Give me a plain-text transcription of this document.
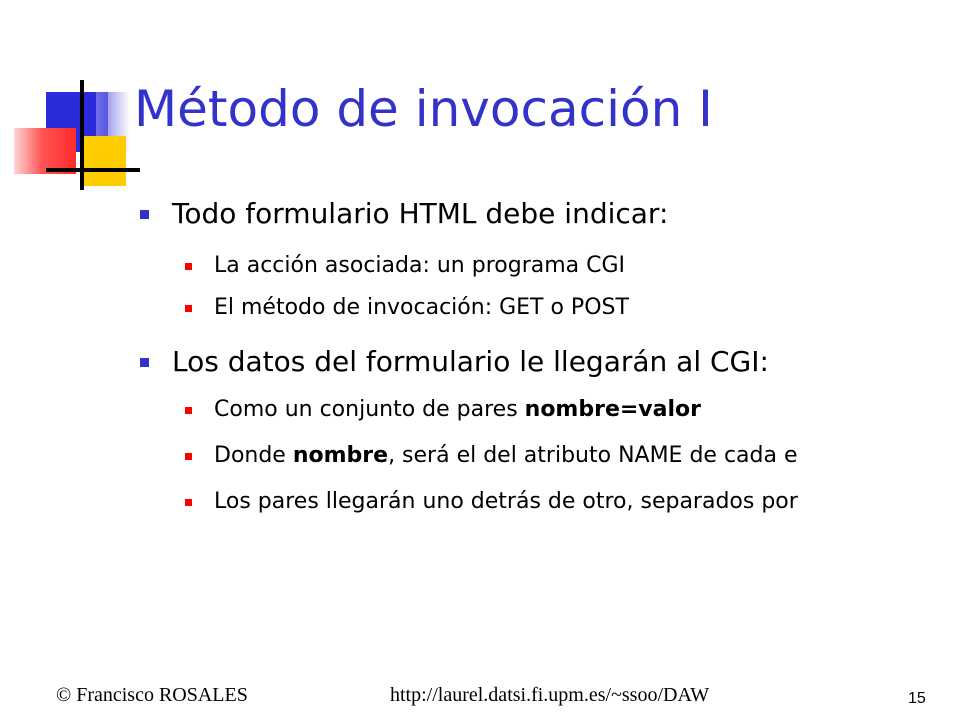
Método de invocación I
Todo formulario HTML debe indicar:
La acción asociada: un programa CGI
El método de invocación: GET o POST
Los datos del formulario le llegarán al CGI:
Como un conjunto de pares nombre=valor
Donde nombre, será el del atributo NAME de cada e
Los pares llegarán uno detrás de otro, separados por
© Francisco ROSALES	http://laurel.datsi.fi.upm.es/~ssoo/DAW	15
